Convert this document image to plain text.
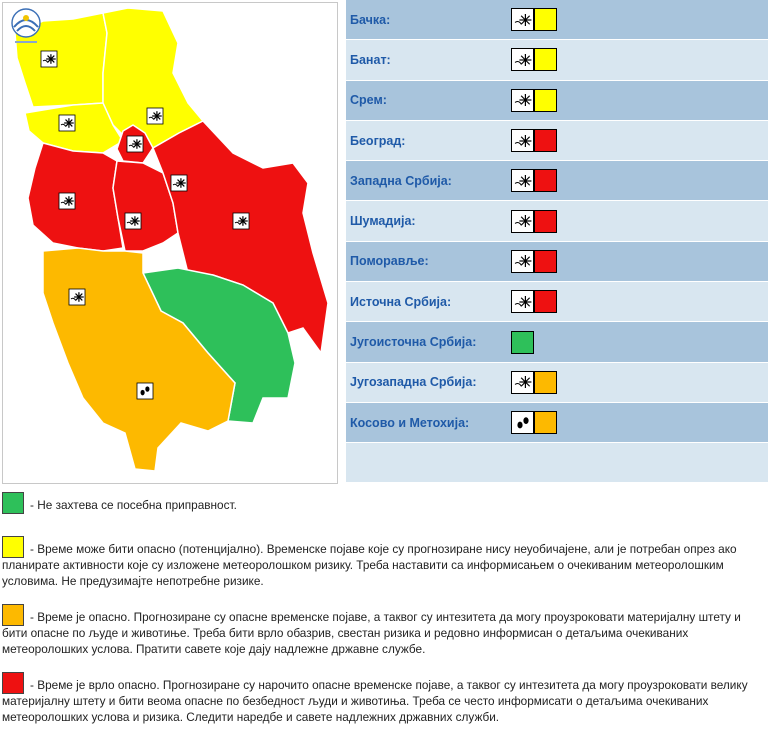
Бачка:
Банат:
Срем:
Београд:
Западна Србија:
Шумадија:
Поморавље:
Источна Србија:
Југоисточна Србија:
Југозападна Србија:
Косово и Метохија:
- Не захтева се посебна приправност.
- Време може бити опасно (потенцијално). Временске појаве које су прогнозиране нису неуобичајене, али је потребан опрез ако планирате активности које су изложене метеоролошком ризику. Треба наставити са информисањем о очекиваним метеоролошким условима. Не предузимајте непотребне ризике.
- Време је опасно. Прогнозиране су опасне временске појаве, а таквог су интезитета да могу проузроковати материјалну штету и бити опасне по људе и животиње. Треба бити врло обазрив, свестан ризика и редовно информисан о детаљима очекиваних метеоролошких услова. Пратити савете које дају надлежне државне службе.
- Време је врло опасно. Прогнозиране су нарочито опасне временске појаве, а таквог су интезитетa да могу проузроковати велику материјалну штету и бити веома опасне по безбедност људи и животиња. Треба се често информисати о детаљима очекиваних метеоролошких услова и ризика. Следити наредбе и савете надлежних државних служби.
